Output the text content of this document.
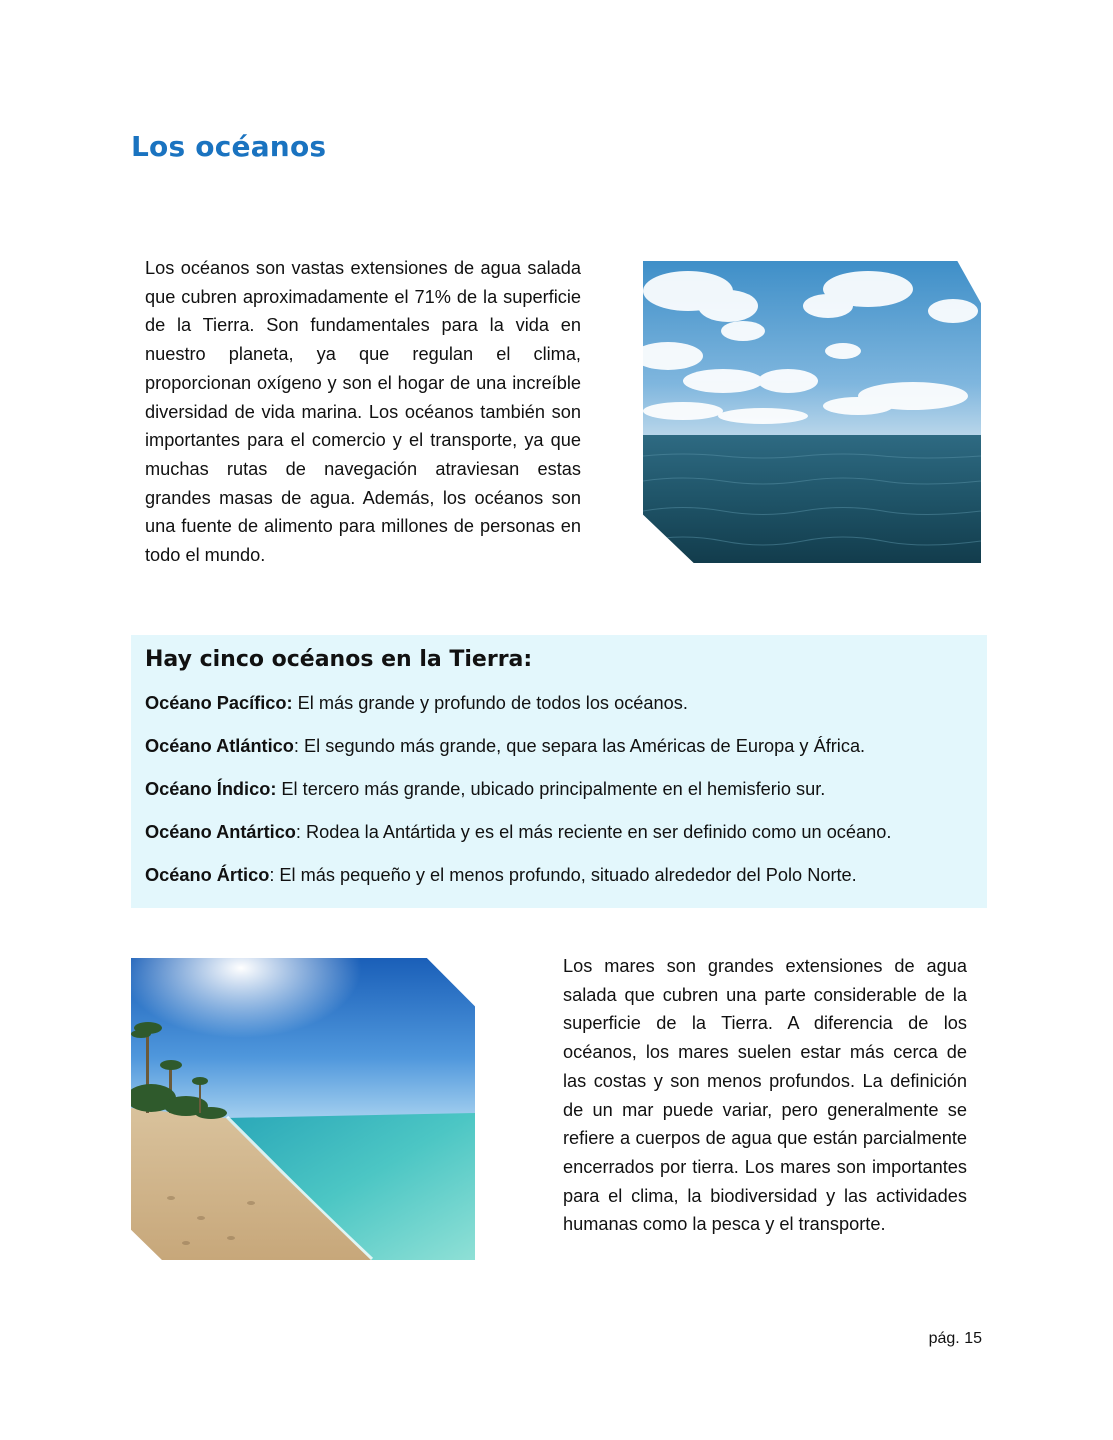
Los océanos

Los océanos son vastas extensiones de agua salada que cubren aproximadamente el 71% de la superficie de la Tierra. Son fundamentales para la vida en nuestro planeta, ya que regulan el clima, proporcionan oxígeno y son el hogar de una increíble diversidad de vida marina. Los océanos también son importantes para el comercio y el transporte, ya que muchas rutas de navegación atraviesan estas grandes masas de agua. Además, los océanos son una fuente de alimento para millones de personas en todo el mundo.

Hay cinco océanos en la Tierra:

Océano Pacífico: El más grande y profundo de todos los océanos.

Océano Atlántico: El segundo más grande, que separa las Américas de Europa y África.

Océano Índico: El tercero más grande, ubicado principalmente en el hemisferio sur.

Océano Antártico: Rodea la Antártida y es el más reciente en ser definido como un océano.

Océano Ártico: El más pequeño y el menos profundo, situado alrededor del Polo Norte.

Los mares son grandes extensiones de agua salada que cubren una parte considerable de la superficie de la Tierra. A diferencia de los océanos, los mares suelen estar más cerca de las costas y son menos profundos. La definición de un mar puede variar, pero generalmente se refiere a cuerpos de agua que están parcialmente encerrados por tierra. Los mares son importantes para el clima, la biodiversidad y las actividades humanas como la pesca y el transporte.

pág. 15
